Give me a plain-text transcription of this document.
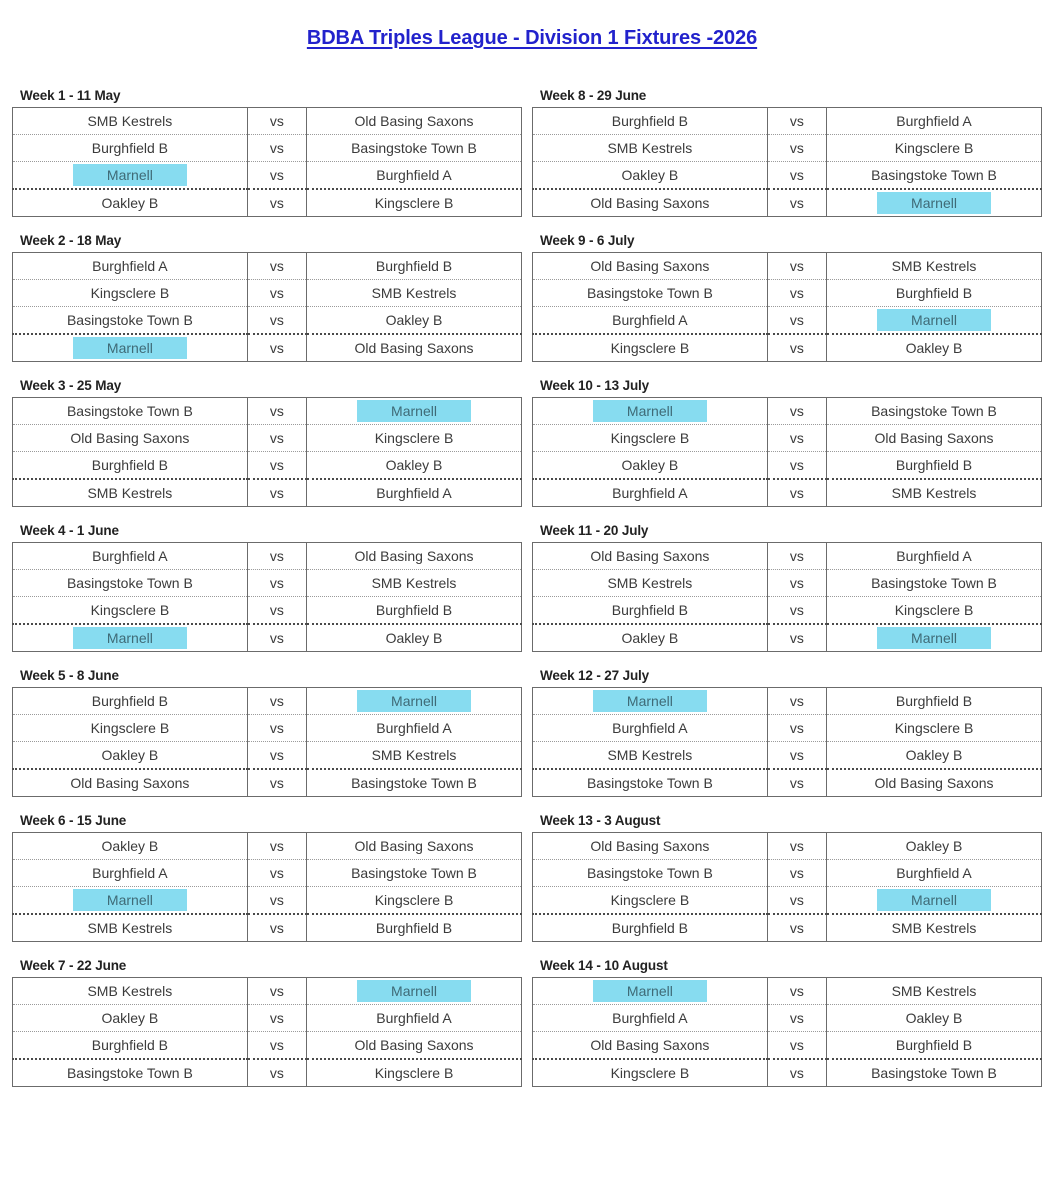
BDBA Triples League - Division 1 Fixtures -2026
Week 1 - 11 May
SMB Kestrels	vs	Old Basing Saxons
Burghfield B	vs	Basingstoke Town B
Marnell	vs	Burghfield A
Oakley B	vs	Kingsclere B
Week 8 - 29 June
Burghfield B	vs	Burghfield A
SMB Kestrels	vs	Kingsclere B
Oakley B	vs	Basingstoke Town B
Old Basing Saxons	vs	Marnell
Week 2 - 18 May
Burghfield A	vs	Burghfield B
Kingsclere B	vs	SMB Kestrels
Basingstoke Town B	vs	Oakley B
Marnell	vs	Old Basing Saxons
Week 9 - 6 July
Old Basing Saxons	vs	SMB Kestrels
Basingstoke Town B	vs	Burghfield B
Burghfield A	vs	Marnell
Kingsclere B	vs	Oakley B
Week 3 - 25 May
Basingstoke Town B	vs	Marnell
Old Basing Saxons	vs	Kingsclere B
Burghfield B	vs	Oakley B
SMB Kestrels	vs	Burghfield A
Week 10 - 13 July
Marnell	vs	Basingstoke Town B
Kingsclere B	vs	Old Basing Saxons
Oakley B	vs	Burghfield B
Burghfield A	vs	SMB Kestrels
Week 4 - 1 June
Burghfield A	vs	Old Basing Saxons
Basingstoke Town B	vs	SMB Kestrels
Kingsclere B	vs	Burghfield B
Marnell	vs	Oakley B
Week 11 - 20 July
Old Basing Saxons	vs	Burghfield A
SMB Kestrels	vs	Basingstoke Town B
Burghfield B	vs	Kingsclere B
Oakley B	vs	Marnell
Week 5 - 8 June
Burghfield B	vs	Marnell
Kingsclere B	vs	Burghfield A
Oakley B	vs	SMB Kestrels
Old Basing Saxons	vs	Basingstoke Town B
Week 12 - 27 July
Marnell	vs	Burghfield B
Burghfield A	vs	Kingsclere B
SMB Kestrels	vs	Oakley B
Basingstoke Town B	vs	Old Basing Saxons
Week 6 - 15 June
Oakley B	vs	Old Basing Saxons
Burghfield A	vs	Basingstoke Town B
Marnell	vs	Kingsclere B
SMB Kestrels	vs	Burghfield B
Week 13 - 3 August
Old Basing Saxons	vs	Oakley B
Basingstoke Town B	vs	Burghfield A
Kingsclere B	vs	Marnell
Burghfield B	vs	SMB Kestrels
Week 7 - 22 June
SMB Kestrels	vs	Marnell
Oakley B	vs	Burghfield A
Burghfield B	vs	Old Basing Saxons
Basingstoke Town B	vs	Kingsclere B
Week 14 - 10 August
Marnell	vs	SMB Kestrels
Burghfield A	vs	Oakley B
Old Basing Saxons	vs	Burghfield B
Kingsclere B	vs	Basingstoke Town B
